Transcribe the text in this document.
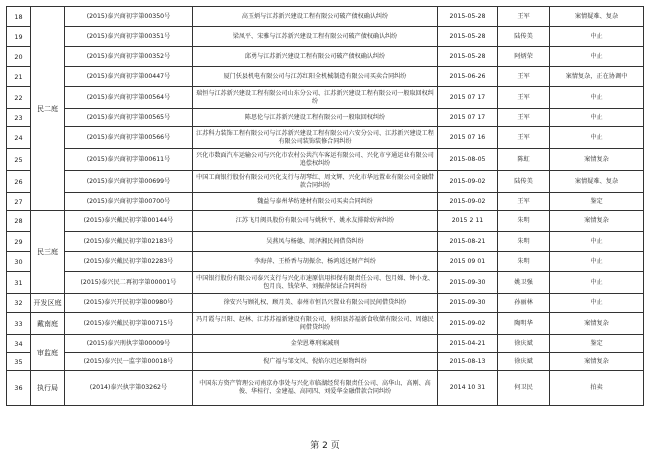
18	民二庭	(2015)泰兴商初字第00350号	高玉炳与江苏新兴建设工程有限公司破产债权确认纠纷	2015-05-28	王军	案情疑难、复杂
19		(2015)泰兴商初字第00351号	梁凤平、宋雅与江苏新兴建设工程有限公司破产债权确认纠纷	2015-05-28	陆传美	中止
20		(2015)泰兴商初字第00352号	邱勇与江苏新兴建设工程有限公司破产债权确认纠纷	2015-05-28	阿炳荣	中止
21		(2015)泰兴商初字第00447号	厦门仸县机电有限公司与江苏红阳全机械制造有限公司买卖合同纠纷	2015-06-26	王军	案情复杂，正在协调中
22		(2015)泰兴商初字第00564号	瑞恒与江苏新兴建设工程有限公司山东分公司、江苏新兴建设工程有限公司一般取回权纠纷	2015 07 17	王军	中止
23		(2015)泰兴商初字第00565号	陈思伦与江苏新兴建设工程有限公司一般取回权纠纷	2015 07 17	王军	中止
24		(2015)泰兴商初字第00566号	江苏科力装饰工程有限公司与江苏新兴建设工程有限公司六安分公司、江苏新兴建设工程有限公司装饰装修合同纠纷	2015 07 16	王军	中止
25		(2015)泰兴商初字第00611号	兴化市数面汽车运输公司与兴化市农村公共汽车客运有限公司、兴化市亨通运业有限公司追偿权纠纷	2015-08-05	陈虹	案情复杂
26		(2015)泰兴商初字第00699号	中国工商银行股份有限公司兴化支行与胡琴红、周文辉、兴化市华远置业有限公司金融借款合同纠纷	2015-09-02	陆传美	案情疑难、复杂
27		(2015)泰兴商初字第00700号	魏益与泰州华纺建材有限公司买卖合同纠纷	2015-09-02	王军	鉴定
28	民三庭	(2015)泰兴戴民初字第00144号	江苏飞月阀具股份有限公司与姚秋平、姚永友排除妨害纠纷	2015 2 11	朱明	案情复杂
29		(2015)泰兴戴民初字第02183号	吴燕凤与杨德、周泽湘民间借贷纠纷	2015-08-21	朱明	中止
30		(2015)泰兴戴民初字第02283号	李海萍、王桥香与胡振余、杨鸿返还财产纠纷	2015 09 01	朱明	中止
31		(2015)泰兴民二再初字第00001号	中国银行股份有限公司泰兴支行与兴化市速原信用担保有限责任公司、包月娣、钟小龙、包月良、钱荣华、刘振萍保证合同纠纷	2015-09-30	姚卫强	中止
32	开发区庭	(2015)泰兴开民初字第00980号	徐安兴与顾礼权、顾月美、泰州市恒昌兴置业有限公司民间借贷纠纷	2015-09-30	孙丽林	中止
33	戴南庭	(2015)泰兴戴民初字第00715号	冯月霞与吕阳、赵林、江苏苏福新建设有限公司、射阳县苏福新食收储有限公司、周德民间借贷纠纷	2015-09-02	陶明华	案情复杂
34	审监庭	(2015)泰兴刑执字第00009号	金荣恩尊刑案减刑	2015-04-21	徐庆斌	鉴定
35		(2015)泰兴民一监字第00018号	倪广福与邹文风、倪焰尔迟还原物纠纷	2015-08-13	徐庆斌	案情复杂
36	执行局	(2014)泰兴执字第03262号	中国东方资产管理公司南京办事处与兴化市临湖经贸有限责任公司、高华山、高刚、高俊、华桂行、金建福、高同四、刘爱华金融借款合同纠纷	2014 10 31	何卫民	拍卖
第 2 页
